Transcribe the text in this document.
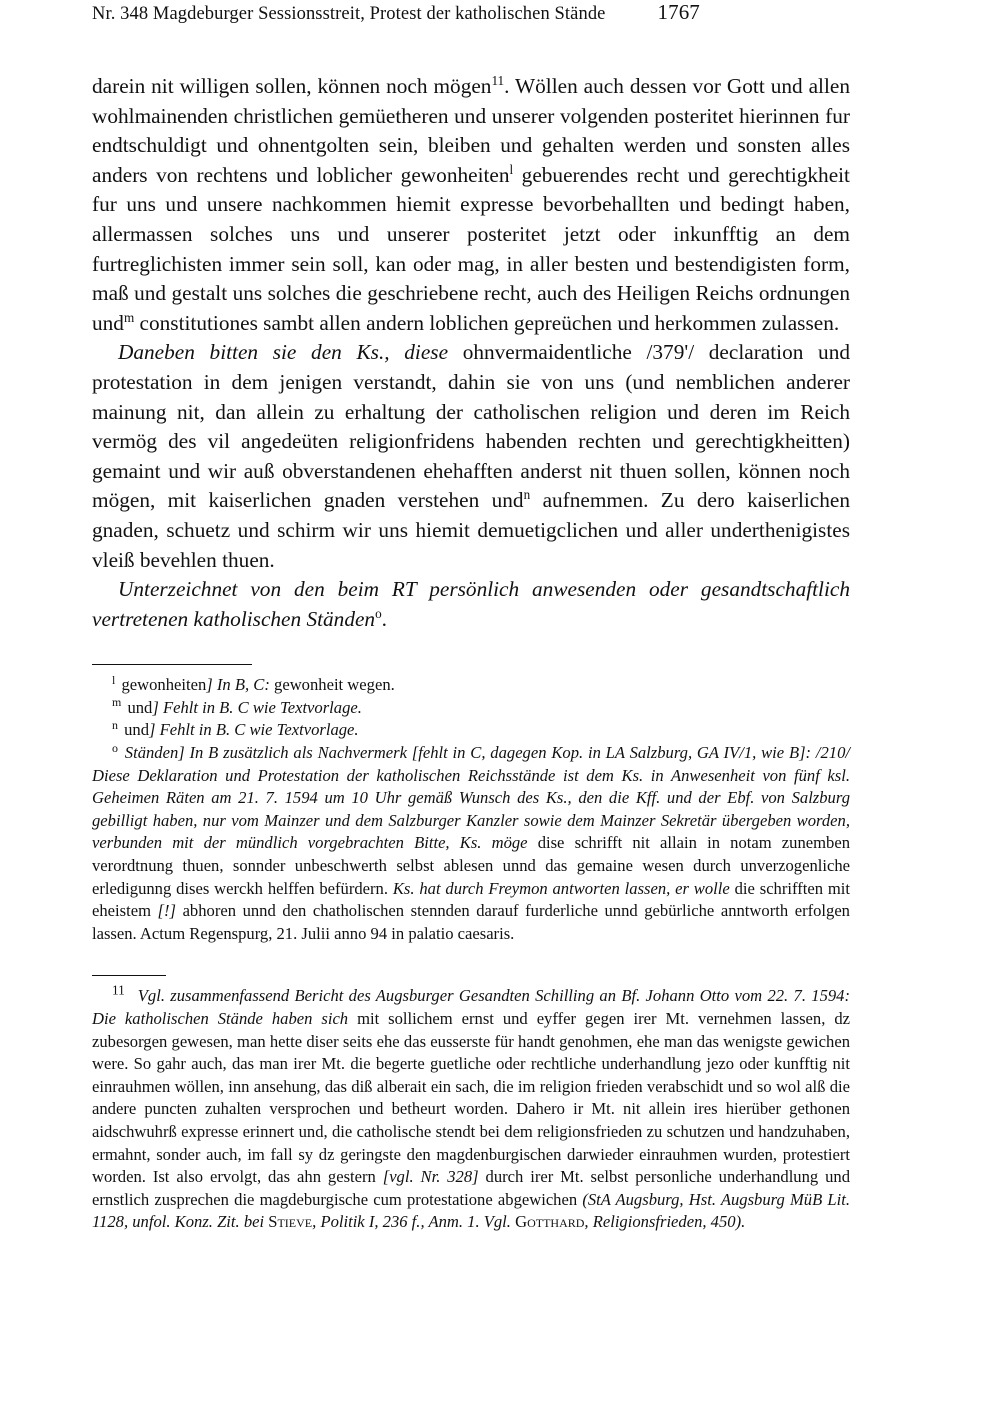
Nr. 348 Magdeburger Sessionsstreit, Protest der katholischen Stände 1767

darein nit willigen sollen, können noch mögen$^{11}$. Wöllen auch dessen vor Gott und allen wohlmainenden christlichen gemüetheren und unserer volgenden posteritet hierinnen fur endtschuldigt und ohnentgolten sein, bleiben und gehalten werden und sonsten alles anders von rechtens und loblicher gewonheiten$^l$ gebuerendes recht und gerechtigkheit fur uns und unsere nachkommen hiemit expresse bevorbehallten und bedingt haben, allermassen solches uns und unserer posteritet jetzt oder inkunfftig an dem furtreglichisten immer sein soll, kan oder mag, in aller besten und bestendigisten form, maß und gestalt uns solches die geschriebene recht, auch des Heiligen Reichs ordnungen und$^m$ constitutiones sambt allen andern loblichen gepreüchen und herkommen zulassen.

Daneben bitten sie den Ks., diese ohnvermaidentliche /379'/ declaration und protestation in dem jenigen verstandt, dahin sie von uns (und nemblichen anderer mainung nit, dan allein zu erhaltung der catholischen religion und deren im Reich vermög des vil angedeüten religionfridens habenden rechten und gerechtigkheitten) gemaint und wir auß obverstandenen ehehafften anderst nit thuen sollen, können noch mögen, mit kaiserlichen gnaden verstehen und$^n$ aufnemmen. Zu dero kaiserlichen gnaden, schuetz und schirm wir uns hiemit demuetigclichen und aller underthenigistes vleiß bevehlen thuen.

Unterzeichnet von den beim RT persönlich anwesenden oder gesandtschaftlich vertretenen katholischen Ständen$^o$.

$^l$ gewonheiten] In B, C: gewonheit wegen.

$^m$ und] Fehlt in B. C wie Textvorlage.

$^n$ und] Fehlt in B. C wie Textvorlage.

$^o$ Ständen] In B zusätzlich als Nachvermerk [fehlt in C, dagegen Kop. in LA Salzburg, GA IV/1, wie B]: /210/ Diese Deklaration und Protestation der katholischen Reichsstände ist dem Ks. in Anwesenheit von fünf ksl. Geheimen Räten am 21. 7. 1594 um 10 Uhr gemäß Wunsch des Ks., den die Kff. und der Ebf. von Salzburg gebilligt haben, nur vom Mainzer und dem Salzburger Kanzler sowie dem Mainzer Sekretär übergeben worden, verbunden mit der mündlich vorgebrachten Bitte, Ks. möge dise schrifft nit allain in notam zunemben verordtnung thuen, sonnder unbeschwerth selbst ablesen unnd das gemaine wesen durch unverzogenliche erledigunng dises werckh helffen befürdern. Ks. hat durch Freymon antworten lassen, er wolle die schrifften mit eheistem [!] abhoren unnd den chatholischen stennden darauf furderliche unnd gebürliche anntworth erfolgen lassen. Actum Regenspurg, 21. Julii anno 94 in palatio caesaris.

$^{11}$ Vgl. zusammenfassend Bericht des Augsburger Gesandten Schilling an Bf. Johann Otto vom 22. 7. 1594: Die katholischen Stände haben sich mit sollichem ernst und eyffer gegen irer Mt. vernehmen lassen, dz zubesorgen gewesen, man hette diser seits ehe das eusserste für handt genohmen, ehe man das wenigste gewichen were. So gahr auch, das man irer Mt. die begerte guetliche oder rechtliche underhandlung jezo oder kunfftig nit einrauhmen wöllen, inn ansehung, das diß alberait ein sach, die im religion frieden verabschidt und so wol alß die andere puncten zuhalten versprochen und betheurt worden. Dahero ir Mt. nit allein ires hierüber gethonen aidschwuhrß expresse erinnert und, die catholische stendt bei dem religionsfrieden zu schutzen und handzuhaben, ermahnt, sonder auch, im fall sy dz geringste den magdenburgischen darwieder einrauhmen wurden, protestiert worden. Ist also ervolgt, das ahn gestern [vgl. Nr. 328] durch irer Mt. selbst personliche underhandlung und ernstlich zusprechen die magdeburgische cum protestatione abgewichen (StA Augsburg, Hst. Augsburg MüB Lit. 1128, unfol. Konz. Zit. bei Stieve, Politik I, 236 f., Anm. 1. Vgl. Gotthard, Religionsfrieden, 450).
